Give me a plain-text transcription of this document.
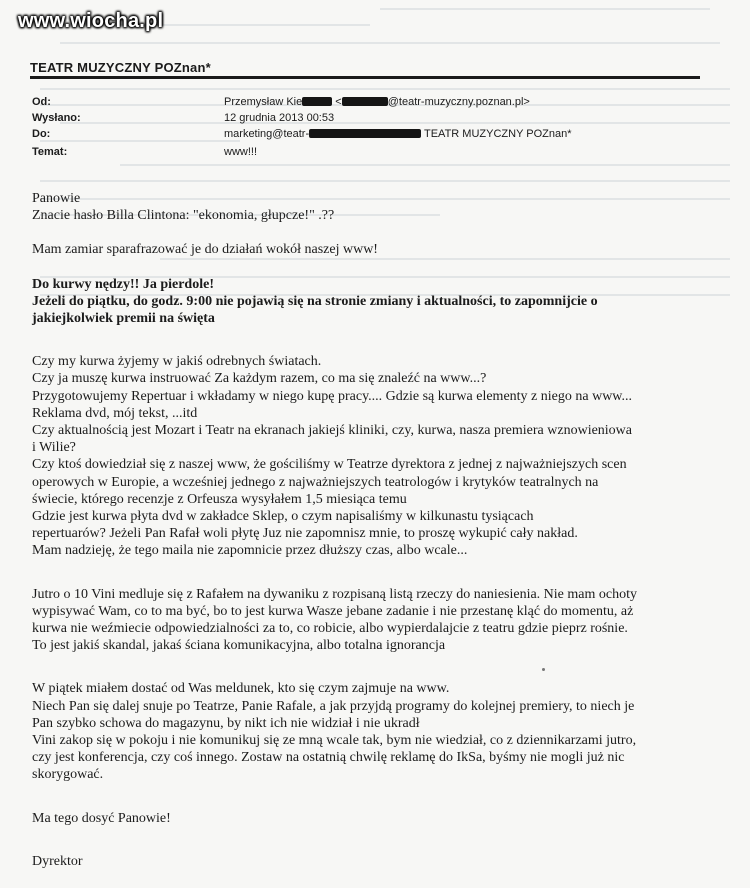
www.wiocha.pl
TEATR MUZYCZNY POZnan*
Od:	Przemysław Kie	<	@teatr-muzyczny.poznan.pl>
Wysłano:	12 grudnia 2013 00:53
Do:	marketing@teatr-	TEATR MUZYCZNY POZnan*
Temat:	www!!!

Panowie

Znacie hasło Billa Clintona: "ekonomia, głupcze!" .??

Mam zamiar sparafrazować je do działań wokół naszej www!

Do kurwy nędzy!! Ja pierdole!

Jeżeli do piątku, do godz. 9:00 nie pojawią się na stronie zmiany i aktualności, to zapomnijcie o

jakiejkolwiek premii na święta

Czy my kurwa żyjemy w jakiś odrebnych światach.

Czy ja muszę kurwa instruować Za każdym razem, co ma się znaleźć na www...?

Przygotowujemy Repertuar i wkładamy w niego kupę pracy.... Gdzie są kurwa elementy z niego na www...

Reklama dvd, mój tekst, ...itd

Czy aktualnością jest Mozart i Teatr na ekranach jakiejś kliniki, czy, kurwa, nasza premiera wznowieniowa

i Wilie?

Czy ktoś dowiedział się z naszej www, że gościliśmy w Teatrze dyrektora z jednej z najważniejszych scen

operowych w Europie, a wcześniej jednego z najważniejszych teatrologów i krytyków teatralnych na

świecie, którego recenzje z Orfeusza wysyłałem 1,5 miesiąca temu

Gdzie jest kurwa płyta dvd w zakładce Sklep, o czym napisaliśmy w kilkunastu tysiącach

repertuarów? Jeżeli Pan Rafał woli płytę Juz nie zapomnisz mnie, to proszę wykupić cały nakład.

Mam nadzieję, że tego maila nie zapomnicie przez dłuższy czas, albo wcale...

Jutro o 10 Vini medluje się z Rafałem na dywaniku z rozpisaną listą rzeczy do naniesienia. Nie mam ochoty

wypisywać Wam, co to ma być, bo to jest kurwa Wasze jebane zadanie i nie przestanę kląć do momentu, aż

kurwa nie weźmiecie odpowiedzialności za to, co robicie, albo wypierdalajcie z teatru gdzie pieprz rośnie.

To jest jakiś skandal, jakaś ściana komunikacyjna, albo totalna ignorancja

W piątek miałem dostać od Was meldunek, kto się czym zajmuje na www.

Niech Pan się dalej snuje po Teatrze, Panie Rafale, a jak przyjdą programy do kolejnej premiery, to niech je

Pan szybko schowa do magazynu, by nikt ich nie widział i nie ukradł

Vini zakop się w pokoju i nie komunikuj się ze mną wcale tak, bym nie wiedział, co z dziennikarzami jutro,

czy jest konferencja, czy coś innego. Zostaw na ostatnią chwilę reklamę do IkSa, byśmy nie mogli już nic

skorygować.

Ma tego dosyć Panowie!

Dyrektor
